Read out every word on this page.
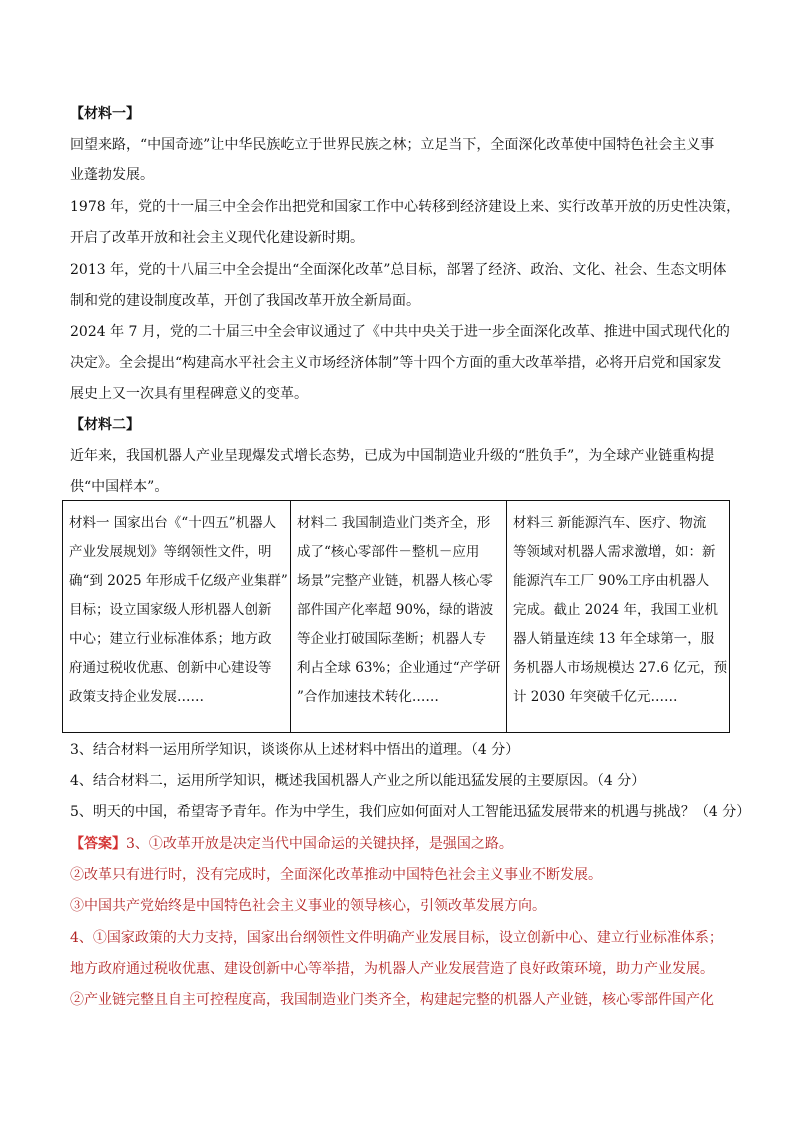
【材料一】
回望来路，“中国奇迹”让中华民族屹立于世界民族之林；立足当下，全面深化改革使中国特色社会主义事
业蓬勃发展。
1978 年，党的十一届三中全会作出把党和国家工作中心转移到经济建设上来、实行改革开放的历史性决策，
开启了改革开放和社会主义现代化建设新时期。
2013 年，党的十八届三中全会提出“全面深化改革”总目标，部署了经济、政治、文化、社会、生态文明体
制和党的建设制度改革，开创了我国改革开放全新局面。
2024 年 7 月，党的二十届三中全会审议通过了《中共中央关于进一步全面深化改革、推进中国式现代化的
决定》。全会提出“构建高水平社会主义市场经济体制”等十四个方面的重大改革举措，必将开启党和国家发
展史上又一次具有里程碑意义的变革。
【材料二】
近年来，我国机器人产业呈现爆发式增长态势，已成为中国制造业升级的“胜负手”，为全球产业链重构提
供“中国样本”。
材料一 国家出台《“十四五”机器人
产业发展规划》等纲领性文件，明
确“到 2025 年形成千亿级产业集群”
目标；设立国家级人形机器人创新
中心；建立行业标准体系；地方政
府通过税收优惠、创新中心建设等
政策支持企业发展……
材料二 我国制造业门类齐全，形
成了“核心零部件－整机－应用
场景”完整产业链，机器人核心零
部件国产化率超 90%，绿的谐波
等企业打破国际垄断；机器人专
利占全球 63%；企业通过“产学研
”合作加速技术转化……
材料三 新能源汽车、医疗、物流
等领域对机器人需求激增，如：新
能源汽车工厂 90%工序由机器人
完成。截止 2024 年，我国工业机
器人销量连续 13 年全球第一，服
务机器人市场规模达 27.6 亿元，预
计 2030 年突破千亿元……
3、结合材料一运用所学知识，谈谈你从上述材料中悟出的道理。（4 分）
4、结合材料二，运用所学知识，概述我国机器人产业之所以能迅猛发展的主要原因。（4 分）
5、明天的中国，希望寄予青年。作为中学生，我们应如何面对人工智能迅猛发展带来的机遇与挑战？（4 分）
【答案】3、①改革开放是决定当代中国命运的关键抉择，是强国之路。
②改革只有进行时，没有完成时，全面深化改革推动中国特色社会主义事业不断发展。
③中国共产党始终是中国特色社会主义事业的领导核心，引领改革发展方向。
4、①国家政策的大力支持，国家出台纲领性文件明确产业发展目标，设立创新中心、建立行业标准体系；
地方政府通过税收优惠、建设创新中心等举措，为机器人产业发展营造了良好政策环境，助力产业发展。
②产业链完整且自主可控程度高，我国制造业门类齐全，构建起完整的机器人产业链，核心零部件国产化
